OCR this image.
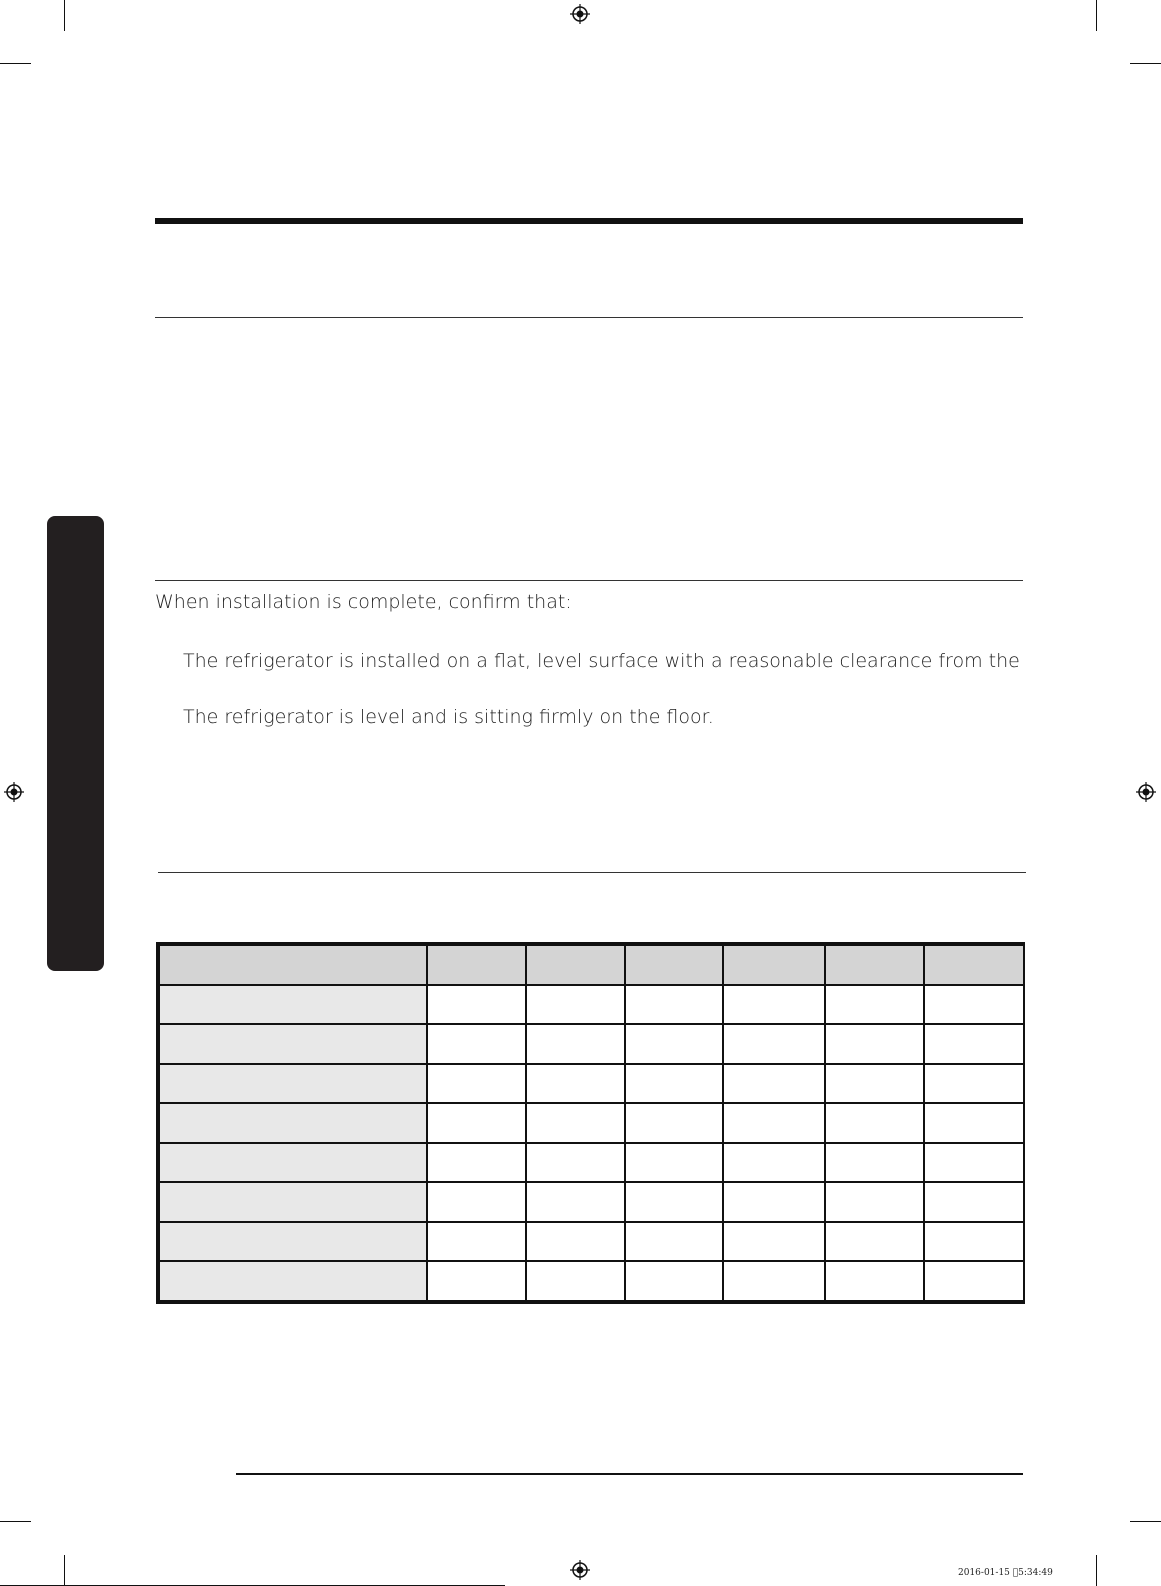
When installation is complete, confirm that:
The refrigerator is installed on a flat, level surface with a reasonable clearance from the
The refrigerator is level and is sitting firmly on the floor.

2016-01-15 ￿5:34:49
